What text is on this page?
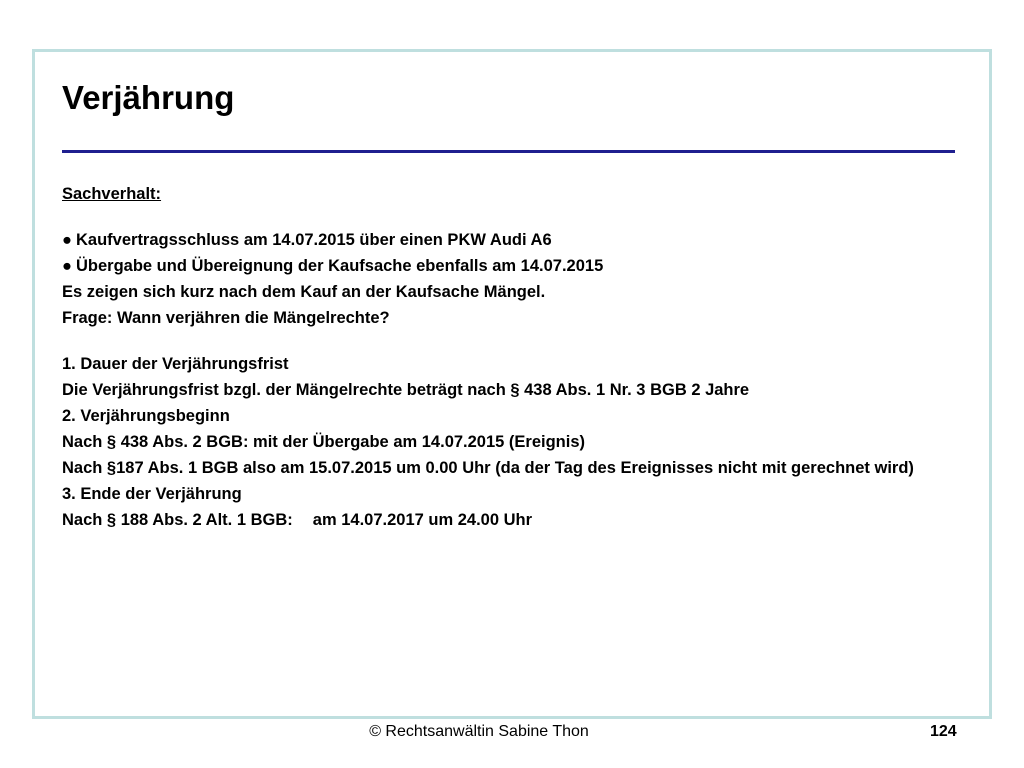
Verjährung
Sachverhalt:
● Kaufvertragsschluss am 14.07.2015 über einen PKW Audi A6
● Übergabe und Übereignung der Kaufsache ebenfalls am 14.07.2015
Es zeigen sich kurz nach dem Kauf an der Kaufsache Mängel.
Frage: Wann verjähren die Mängelrechte?
1. Dauer der Verjährungsfrist
Die Verjährungsfrist bzgl. der Mängelrechte beträgt nach § 438 Abs. 1 Nr. 3 BGB 2 Jahre
2. Verjährungsbeginn
Nach § 438 Abs. 2 BGB: mit der Übergabe am 14.07.2015 (Ereignis)
Nach §187 Abs. 1 BGB also am 15.07.2015 um 0.00 Uhr (da der Tag des Ereignisses nicht mit gerechnet wird)
3. Ende der Verjährung
Nach § 188 Abs. 2 Alt. 1 BGB: am 14.07.2017 um 24.00 Uhr
© Rechtsanwältin Sabine Thon	124
